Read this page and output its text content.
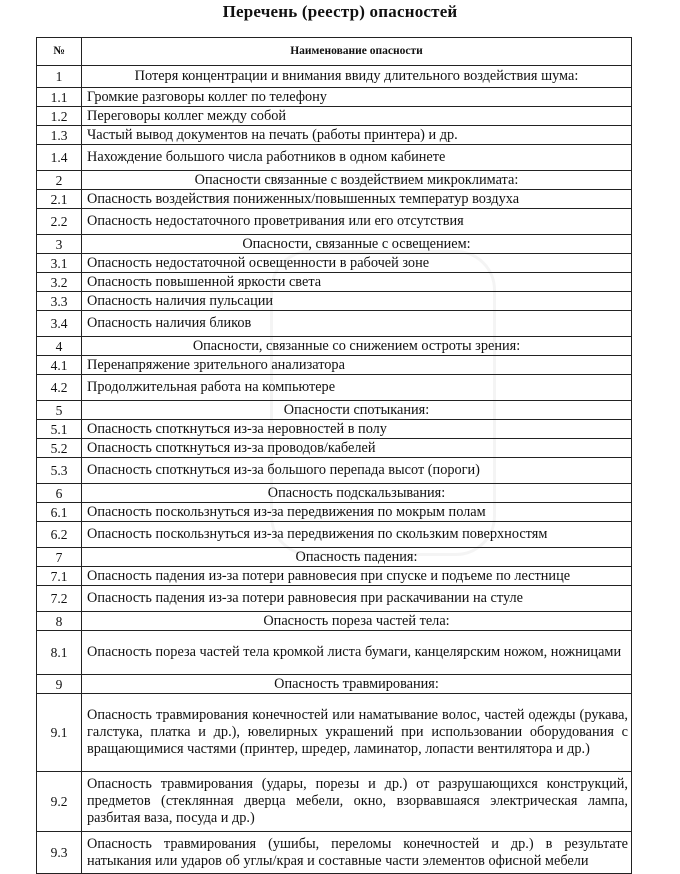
Перечень (реестр) опасностей
№	Наименование опасности
1	Потеря концентрации и внимания ввиду длительного воздействия шума:
1.1	Громкие разговоры коллег по телефону
1.2	Переговоры коллег между собой
1.3	Частый вывод документов на печать (работы принтера) и др.
1.4	Нахождение большого числа работников в одном кабинете
2	Опасности связанные с воздействием микроклимата:
2.1	Опасность воздействия пониженных/повышенных температур воздуха
2.2	Опасность недостаточного проветривания или его отсутствия
3	Опасности, связанные с освещением:
3.1	Опасность недостаточной освещенности в рабочей зоне
3.2	Опасность повышенной яркости света
3.3	Опасность наличия пульсации
3.4	Опасность наличия бликов
4	Опасности, связанные со снижением остроты зрения:
4.1	Перенапряжение зрительного анализатора
4.2	Продолжительная работа на компьютере
5	Опасности спотыкания:
5.1	Опасность споткнуться из-за неровностей в полу
5.2	Опасность споткнуться из-за проводов/кабелей
5.3	Опасность споткнуться из-за большого перепада высот (пороги)
6	Опасность подскальзывания:
6.1	Опасность поскользнуться из-за передвижения по мокрым полам
6.2	Опасность поскользнуться из-за передвижения по скользким поверхностям
7	Опасность падения:
7.1	Опасность падения из-за потери равновесия при спуске и подъеме по лестнице
7.2	Опасность падения из-за потери равновесия при раскачивании на стуле
8	Опасность пореза частей тела:
8.1	Опасность пореза частей тела кромкой листа бумаги, канцелярским ножом, ножницами
9	Опасность травмирования:
9.1	Опасность травмирования конечностей или наматывание волос, частей одежды (рукава, галстука, платка и др.), ювелирных украшений при использовании оборудования с вращающимися частями (принтер, шредер, ламинатор, лопасти вентилятора и др.)
9.2	Опасность травмирования (удары, порезы и др.) от разрушающихся конструкций, предметов (стеклянная дверца мебели, окно, взорвавшаяся электрическая лампа, разбитая ваза, посуда и др.)
9.3	Опасность травмирования (ушибы, переломы конечностей и др.) в результате натыкания или ударов об углы/края и составные части элементов офисной мебели
